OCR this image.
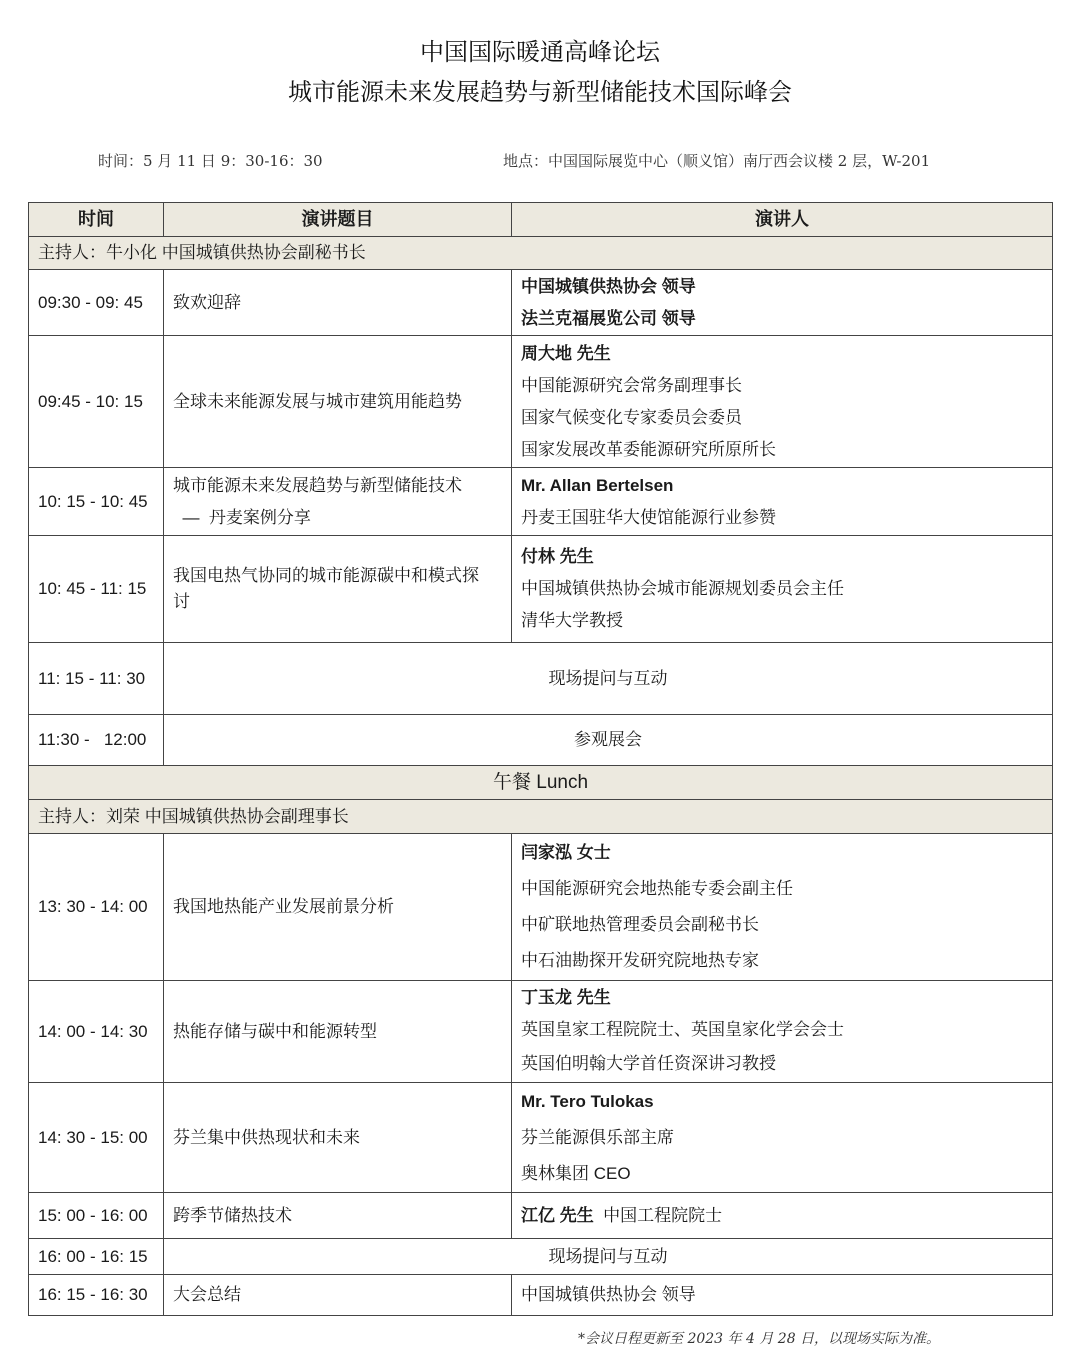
中国国际暖通高峰论坛
城市能源未来发展趋势与新型储能技术国际峰会
时间：5 月 11 日 9：30-16：30	地点：中国国际展览中心（顺义馆）南厅西会议楼 2 层，W-201
时间	演讲题目	演讲人
主持人：牛小化 中国城镇供热协会副秘书长		
09:30 - 09: 45	致欢迎辞	中国城镇供热协会 领导
法兰克福展览公司 领导

09:45 - 10: 15	全球未来能源发展与城市建筑用能趋势	周大地 先生
中国能源研究会常务副理事长
国家气候变化专家委员会委员
国家发展改革委能源研究所原所长

10: 15 - 10: 45	城市能源未来发展趋势与新型储能技术
—  丹麦案例分享	Mr. Allan Bertelsen
丹麦王国驻华大使馆能源行业参赞

10: 45 - 11: 15	我国电热气协同的城市能源碳中和模式探
讨	付林 先生
中国城镇供热协会城市能源规划委员会主任
清华大学教授

11: 15 - 11: 30	现场提问与互动	
11:30 -   12:00	参观展会	
午餐 Lunch		
主持人：刘荣 中国城镇供热协会副理事长		
13: 30 - 14: 00	我国地热能产业发展前景分析	闫家泓 女士
中国能源研究会地热能专委会副主任
中矿联地热管理委员会副秘书长
中石油勘探开发研究院地热专家

14: 00 - 14: 30	热能存储与碳中和能源转型	丁玉龙 先生
英国皇家工程院院士、英国皇家化学会会士
英国伯明翰大学首任资深讲习教授

14: 30 - 15: 00	芬兰集中供热现状和未来	Mr. Tero Tulokas
芬兰能源俱乐部主席
奥林集团 CEO

15: 00 - 16: 00	跨季节储热技术	江亿 先生  中国工程院院士
16: 00 - 16: 15	现场提问与互动	
16: 15 - 16: 30	大会总结	中国城镇供热协会 领导
*会议日程更新至 2023 年 4 月 28 日，以现场实际为准。
